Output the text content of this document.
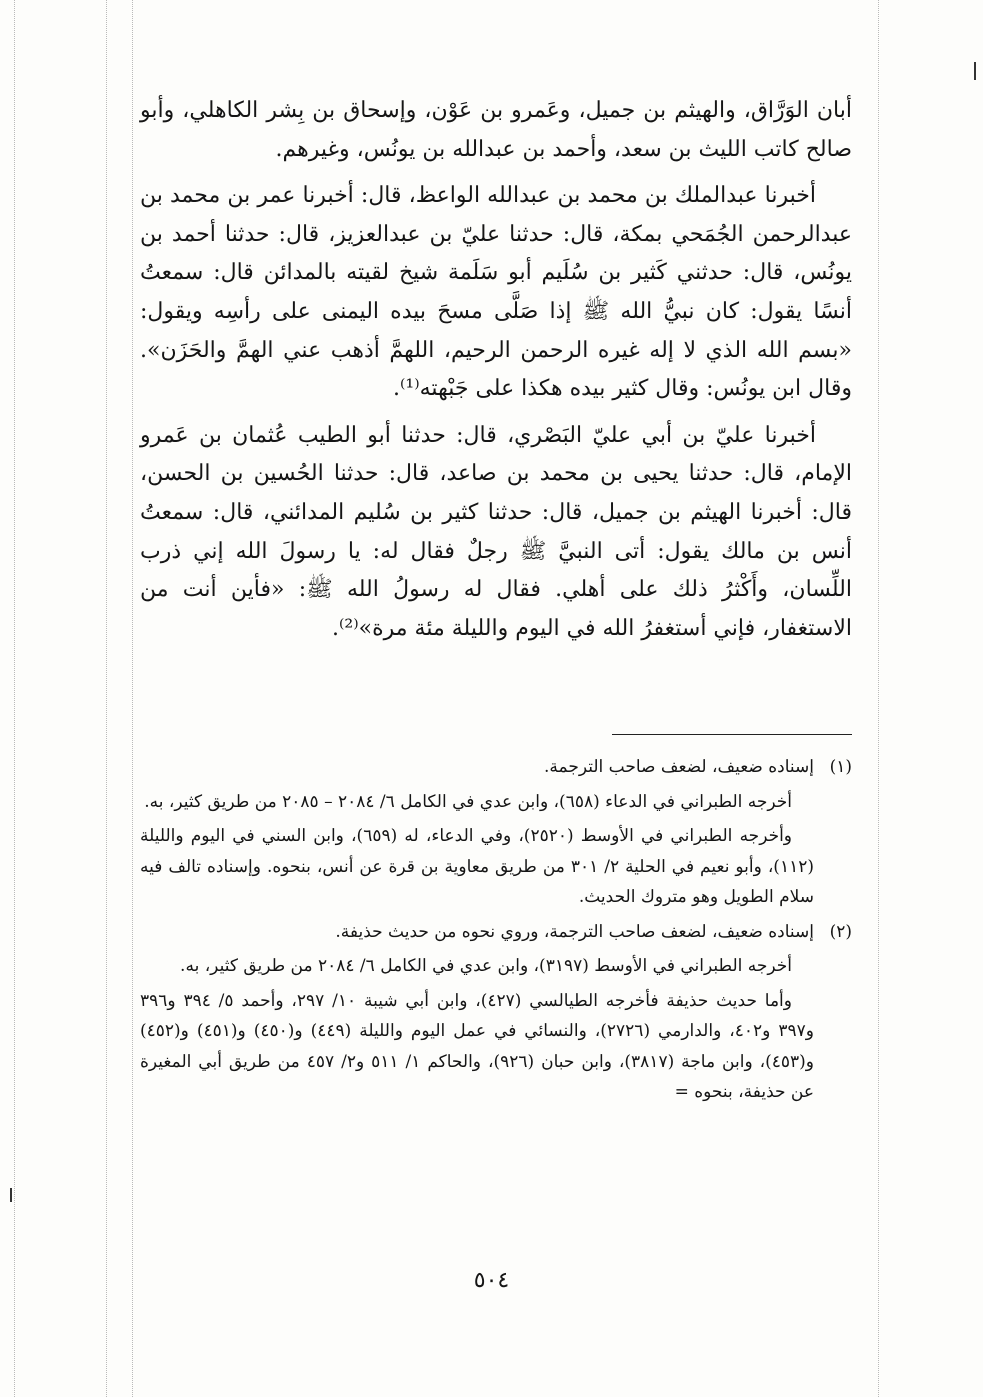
أبان الوَرَّاق، والهيثم بن جميل، وعَمرو بن عَوْن، وإسحاق بن بِشر الكاهلي، وأبو صالح كاتب الليث بن سعد، وأحمد بن عبدالله بن يونُس، وغيرهم.

أخبرنا عبدالملك بن محمد بن عبدالله الواعظ، قال: أخبرنا عمر بن محمد بن عبدالرحمن الجُمَحي بمكة، قال: حدثنا عليّ بن عبدالعزيز، قال: حدثنا أحمد بن يونُس، قال: حدثني كَثير بن سُلَيم أبو سَلَمة شيخ لقيته بالمدائن قال: سمعتُ أنسًا يقول: كان نبيُّ الله ﷺ إذا صَلَّى مسحَ بيده اليمنى على رأسِه ويقول: «بسم الله الذي لا إله غيره الرحمن الرحيم، اللهمَّ أذهب عني الهمَّ والحَزَن». وقال ابن يونُس: وقال كثير بيده هكذا على جَبْهته⁽¹⁾.

أخبرنا عليّ بن أبي عليّ البَصْري، قال: حدثنا أبو الطيب عُثمان بن عَمرو الإمام، قال: حدثنا يحيى بن محمد بن صاعد، قال: حدثنا الحُسين بن الحسن، قال: أخبرنا الهيثم بن جميل، قال: حدثنا كثير بن سُليم المدائني، قال: سمعتُ أنس بن مالك يقول: أتى النبيَّ ﷺ رجلٌ فقال له: يا رسولَ الله إني ذرب اللِّسان، وأَكْثرُ ذلك على أهلي. فقال له رسولُ الله ﷺ: «فأين أنت من الاستغفار، فإني أستغفرُ الله في اليوم والليلة مئة مرة»⁽²⁾.

(١)

إسناده ضعيف، لضعف صاحب الترجمة.

أخرجه الطبراني في الدعاء (٦٥٨)، وابن عدي في الكامل ٦/ ٢٠٨٤ – ٢٠٨٥ من طريق كثير، به.

وأخرجه الطبراني في الأوسط (٢٥٢٠)، وفي الدعاء، له (٦٥٩)، وابن السني في اليوم والليلة (١١٢)، وأبو نعيم في الحلية ٢/ ٣٠١ من طريق معاوية بن قرة عن أنس، بنحوه. وإسناده تالف فيه سلام الطويل وهو متروك الحديث.

(٢)

إسناده ضعيف، لضعف صاحب الترجمة، وروي نحوه من حديث حذيفة.

أخرجه الطبراني في الأوسط (٣١٩٧)، وابن عدي في الكامل ٦/ ٢٠٨٤ من طريق كثير، به.

وأما حديث حذيفة فأخرجه الطيالسي (٤٢٧)، وابن أبي شيبة ١٠/ ٢٩٧، وأحمد ٥/ ٣٩٤ و٣٩٦ و٣٩٧ و٤٠٢، والدارمي (٢٧٢٦)، والنسائي في عمل اليوم والليلة (٤٤٩) و(٤٥٠) و(٤٥١) و(٤٥٢) و(٤٥٣)، وابن ماجة (٣٨١٧)، وابن حبان (٩٢٦)، والحاكم ١/ ٥١١ و٢/ ٤٥٧ من طريق أبي المغيرة عن حذيفة، بنحوه =

٥٠٤
